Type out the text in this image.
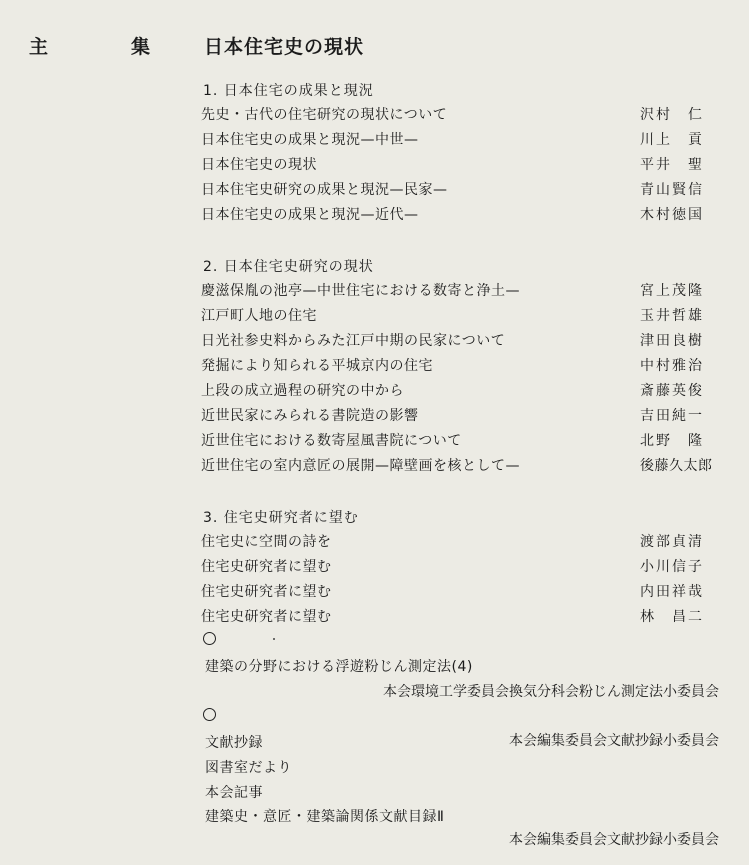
主	集	日本住宅史の現状
1. 日本住宅の成果と現況
先史・古代の住宅研究の現状について	沢村　仁
日本住宅史の成果と現況—中世—	川上　貢
日本住宅史の現状	平井　聖
日本住宅史研究の成果と現況—民家—	青山賢信
日本住宅史の成果と現況—近代—	木村徳国
2. 日本住宅史研究の現状
慶滋保胤の池亭—中世住宅における数寄と浄土—	宮上茂隆
江戸町人地の住宅	玉井哲雄
日光社参史料からみた江戸中期の民家について	津田良樹
発掘により知られる平城京内の住宅	中村雅治
上段の成立過程の研究の中から	斎藤英俊
近世民家にみられる書院造の影響	吉田純一
近世住宅における数寄屋風書院について	北野　隆
近世住宅の室内意匠の展開—障壁画を核として—	後藤久太郎
3. 住宅史研究者に望む
住宅史に空間の詩を	渡部貞清
住宅史研究者に望む	小川信子
住宅史研究者に望む	内田祥哉
住宅史研究者に望む	林　昌二
建築の分野における浮遊粉じん測定法(4)
本会環境工学委員会換気分科会粉じん測定法小委員会
文献抄録	本会編集委員会文献抄録小委員会
図書室だより
本会記事
建築史・意匠・建築論関係文献目録Ⅱ
本会編集委員会文献抄録小委員会
